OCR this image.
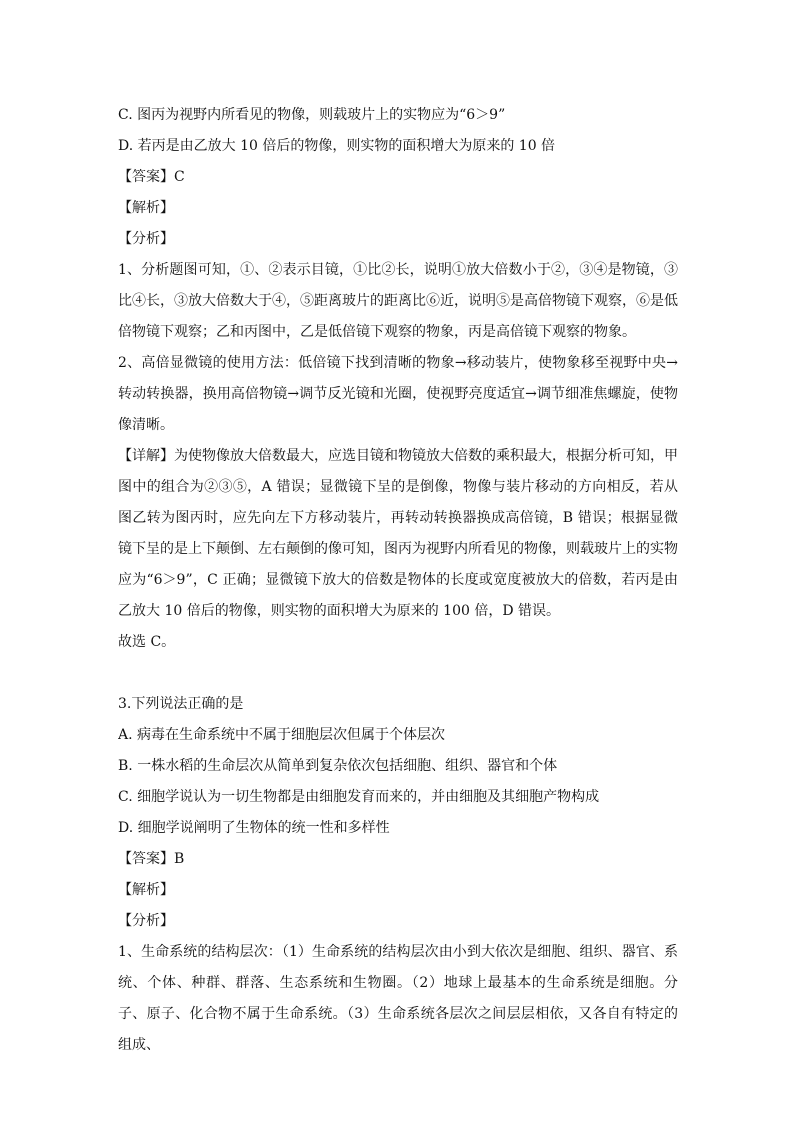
C. 图丙为视野内所看见的物像，则载玻片上的实物应为“6＞9”
D. 若丙是由乙放大 10 倍后的物像，则实物的面积增大为原来的 10 倍
【答案】C
【解析】
【分析】
1、分析题图可知，①、②表示目镜，①比②长，说明①放大倍数小于②，③④是物镜，③比④长，③放大倍数大于④，⑤距离玻片的距离比⑥近，说明⑤是高倍物镜下观察，⑥是低倍物镜下观察；乙和丙图中，乙是低倍镜下观察的物象，丙是高倍镜下观察的物象。
2、高倍显微镜的使用方法：低倍镜下找到清晰的物象→移动装片，使物象移至视野中央→转动转换器，换用高倍物镜→调节反光镜和光圈，使视野亮度适宜→调节细准焦螺旋，使物像清晰。
【详解】为使物像放大倍数最大，应选目镜和物镜放大倍数的乘积最大，根据分析可知，甲图中的组合为②③⑤，A 错误；显微镜下呈的是倒像，物像与装片移动的方向相反，若从图乙转为图丙时，应先向左下方移动装片，再转动转换器换成高倍镜，B 错误；根据显微镜下呈的是上下颠倒、左右颠倒的像可知，图丙为视野内所看见的物像，则载玻片上的实物应为“6＞9”，C 正确；显微镜下放大的倍数是物体的长度或宽度被放大的倍数，若丙是由乙放大 10 倍后的物像，则实物的面积增大为原来的 100 倍，D 错误。
故选 C。
3.下列说法正确的是
A. 病毒在生命系统中不属于细胞层次但属于个体层次
B. 一株水稻的生命层次从简单到复杂依次包括细胞、组织、器官和个体
C. 细胞学说认为一切生物都是由细胞发育而来的，并由细胞及其细胞产物构成
D. 细胞学说阐明了生物体的统一性和多样性
【答案】B
【解析】
【分析】
1、生命系统的结构层次：（1）生命系统的结构层次由小到大依次是细胞、组织、器官、系统、个体、种群、群落、生态系统和生物圈。（2）地球上最基本的生命系统是细胞。分子、原子、化合物不属于生命系统。（3）生命系统各层次之间层层相依，又各自有特定的组成、
